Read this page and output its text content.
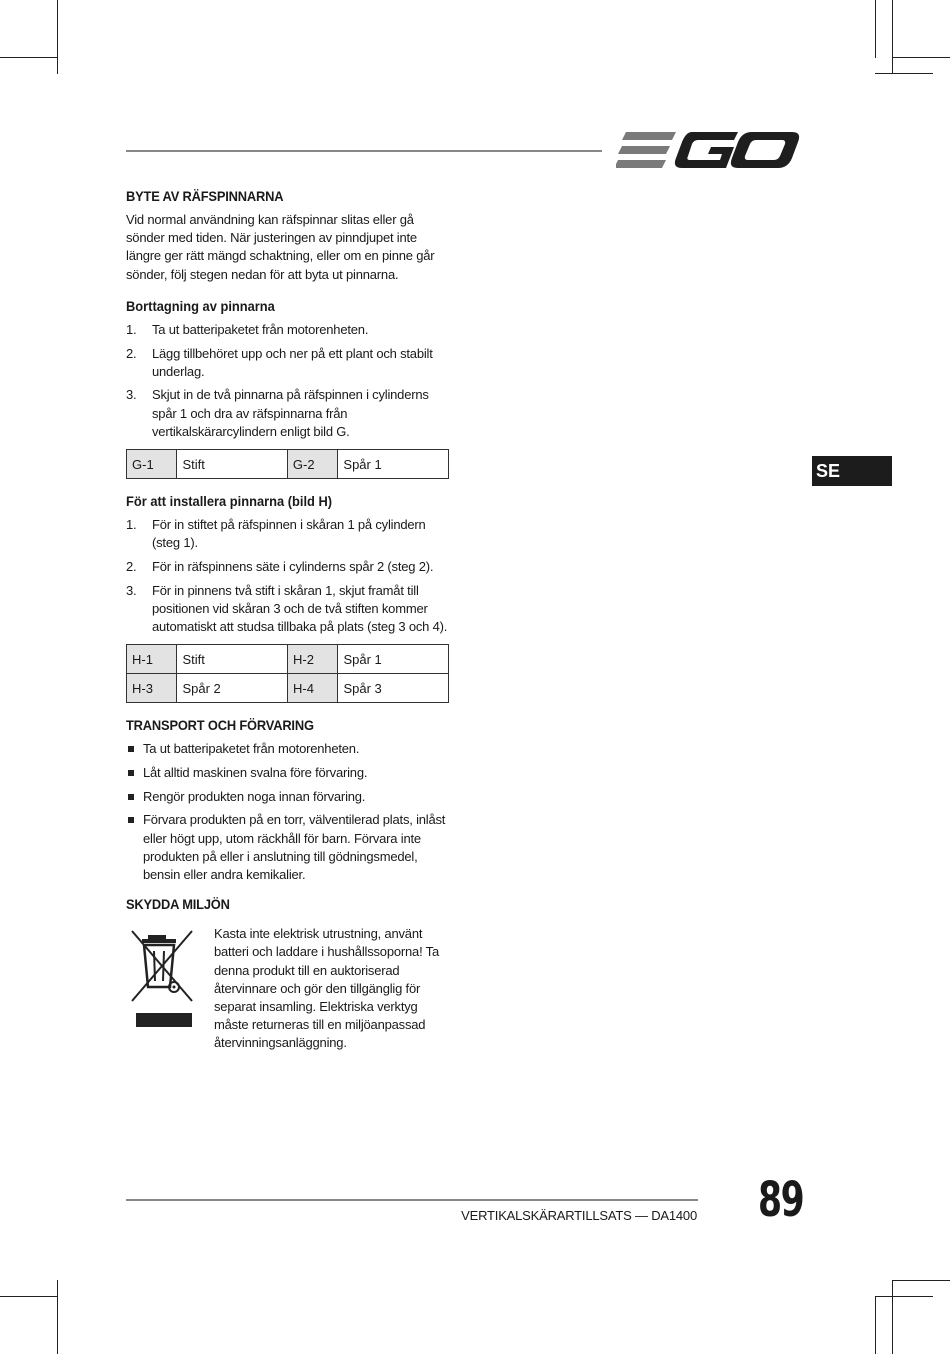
SE
BYTE AV RÄFSPINNARNA

Vid normal användning kan räfspinnar slitas eller gå sönder med tiden. När justeringen av pinndjupet inte längre ger rätt mängd schaktning, eller om en pinne går sönder, följ stegen nedan för att byta ut pinnarna.

Borttagning av pinnarna
1. Ta ut batteripaketet från motorenheten.
2. Lägg tillbehöret upp och ner på ett plant och stabilt underlag.
3. Skjut in de två pinnarna på räfspinnen i cylinderns spår 1 och dra av räfspinnarna från vertikalskärarcylindern enligt bild G.
G-1	Stift	G-2	Spår 1
För att installera pinnarna (bild H)
1. För in stiftet på räfspinnen i skåran 1 på cylindern (steg 1).
2. För in räfspinnens säte i cylinderns spår 2 (steg 2).
3. För in pinnens två stift i skåran 1, skjut framåt till positionen vid skåran 3 och de två stiften kommer automatiskt att studsa tillbaka på plats (steg 3 och 4).
H-1	Stift	H-2	Spår 1
H-3	Spår 2	H-4	Spår 3
TRANSPORT OCH FÖRVARING
Ta ut batteripaketet från motorenheten.
Låt alltid maskinen svalna före förvaring.
Rengör produkten noga innan förvaring.
Förvara produkten på en torr, välventilerad plats, inlåst eller högt upp, utom räckhåll för barn. Förvara inte produkten på eller i anslutning till gödningsmedel, bensin eller andra kemikalier.
SKYDDA MILJÖN

Kasta inte elektrisk utrustning, använt batteri och laddare i hushållssoporna! Ta denna produkt till en auktoriserad återvinnare och gör den tillgänglig för separat insamling. Elektriska verktyg måste returneras till en miljöanpassad återvinningsanläggning.

VERTIKALSKÄRARTILLSATS — DA1400 89
